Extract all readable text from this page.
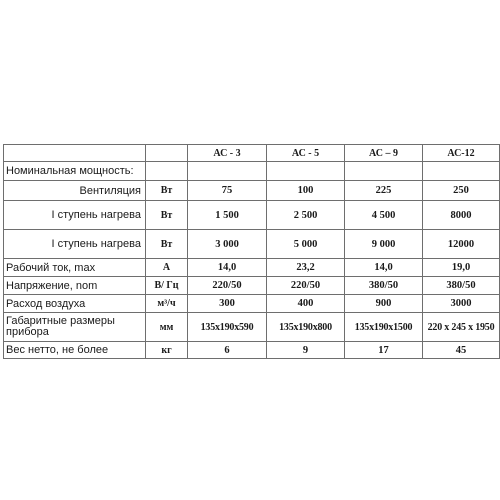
		АС - 3	АС - 5	АС – 9	АС-12
Номинальная мощность:					
Вентиляция	Вт	75	100	225	250
I ступень нагрева	Вт	1 500	2 500	4 500	8000
I ступень нагрева	Вт	3 000	5 000	9 000	12000
Рабочий ток, max	А	14,0	23,2	14,0	19,0
Напряжение, nom	В/ Гц	220/50	220/50	380/50	380/50
Расход воздуха	м³/ч	300	400	900	3000
Габаритные размеры прибора	мм	135x190x590	135x190x800	135x190x1500	220 x 245 x 1950
Вес нетто, не более	кг	6	9	17	45
